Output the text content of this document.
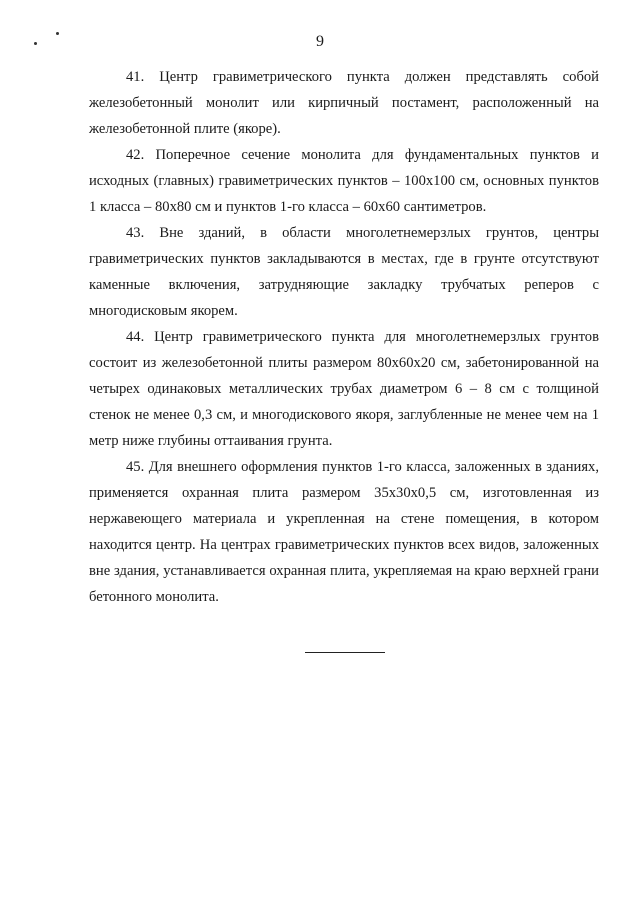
9

41. Центр гравиметрического пункта должен представлять собой железобетонный монолит или кирпичный постамент, расположенный на железобетонной плите (якоре).

42. Поперечное сечение монолита для фундаментальных пунктов и исходных (главных) гравиметрических пунктов – 100х100 см, основных пунктов 1 класса – 80х80 см и пунктов 1-го класса – 60х60 сантиметров.

43. Вне зданий, в области многолетнемерзлых грунтов, центры гравиметрических пунктов закладываются в местах, где в грунте отсутствуют каменные включения, затрудняющие закладку трубчатых реперов с многодисковым якорем.

44. Центр гравиметрического пункта для многолетнемерзлых грунтов состоит из железобетонной плиты размером 80х60х20 см, забетонированной на четырех одинаковых металлических трубах диаметром 6 – 8 см с толщиной стенок не менее 0,3 см, и многодискового якоря, заглубленные не менее чем на 1 метр ниже глубины оттаивания грунта.

45. Для внешнего оформления пунктов 1-го класса, заложенных в зданиях, применяется охранная плита размером 35х30х0,5 см, изготовленная из нержавеющего материала и укрепленная на стене помещения, в котором находится центр. На центрах гравиметрических пунктов всех видов, заложенных вне здания, устанавливается охранная плита, укрепляемая на краю верхней грани бетонного монолита.
